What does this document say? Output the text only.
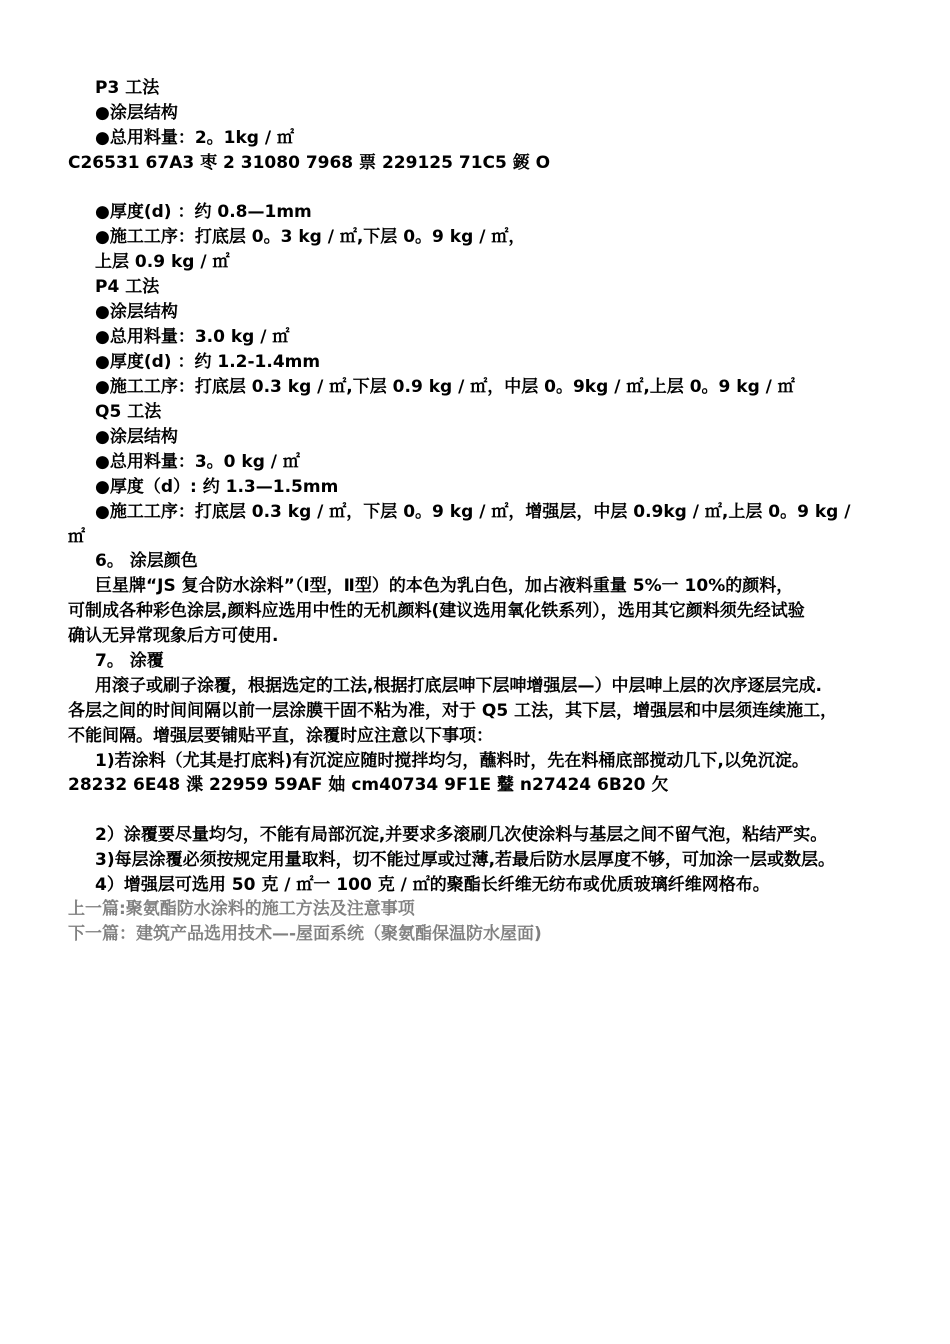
P3 工法
●涂层结构
●总用料量：2。1kg / ㎡
C26531 67A3 枣 2 31080 7968 票 229125 71C5 錽 O
●厚度(d) ：约 0.8—1mm
●施工工序：打底层 0。3 kg / ㎡,下层 0。9 kg / ㎡，
上层 0.9 kg / ㎡
P4 工法
●涂层结构
●总用料量：3.0 kg / ㎡
●厚度(d) ：约 1.2-1.4mm
●施工工序：打底层 0.3 kg / ㎡,下层 0.9 kg / ㎡，中层 0。9kg / ㎡,上层 0。9 kg / ㎡
Q5 工法
●涂层结构
●总用料量：3。0 kg / ㎡
●厚度（d）: 约 1.3—1.5mm
●施工工序：打底层 0.3 kg / ㎡，下层 0。9 kg / ㎡，增强层，中层 0.9kg / ㎡,上层 0。9 kg /
㎡
6。 涂层颜色
巨星牌“JS 复合防水涂料”（Ⅰ型，Ⅱ型）的本色为乳白色，加占液料重量 5%一 10%的颜料，
可制成各种彩色涂层,颜料应选用中性的无机颜料(建议选用氧化铁系列），选用其它颜料须先经试验
确认无异常现象后方可使用.
7。 涂覆
用滚子或刷子涂覆，根据选定的工法,根据打底层呻下层呻增强层—）中层呻上层的次序逐层完成.
各层之间的时间间隔以前一层涂膜干固不粘为准，对于 Q5 工法，其下层，增强层和中层须连续施工，
不能间隔。增强层要铺贴平直，涂覆时应注意以下事项：
1)若涂料（尤其是打底料)有沉淀应随时搅拌均匀，蘸料时，先在料桶底部搅动几下,以免沉淀。
28232 6E48 渫 22959 59AF 妯 cm40734 9F1E 鼞 n27424 6B20 欠
2）涂覆要尽量均匀，不能有局部沉淀,并要求多滚刷几次使涂料与基层之间不留气泡，粘结严实。
3)每层涂覆必须按规定用量取料，切不能过厚或过薄,若最后防水层厚度不够，可加涂一层或数层。
4）增强层可选用 50 克 / ㎡一 100 克 / ㎡的聚酯长纤维无纺布或优质玻璃纤维网格布。
上一篇:聚氨酯防水涂料的施工方法及注意事项
下一篇：建筑产品选用技术—-屋面系统（聚氨酯保温防水屋面)
